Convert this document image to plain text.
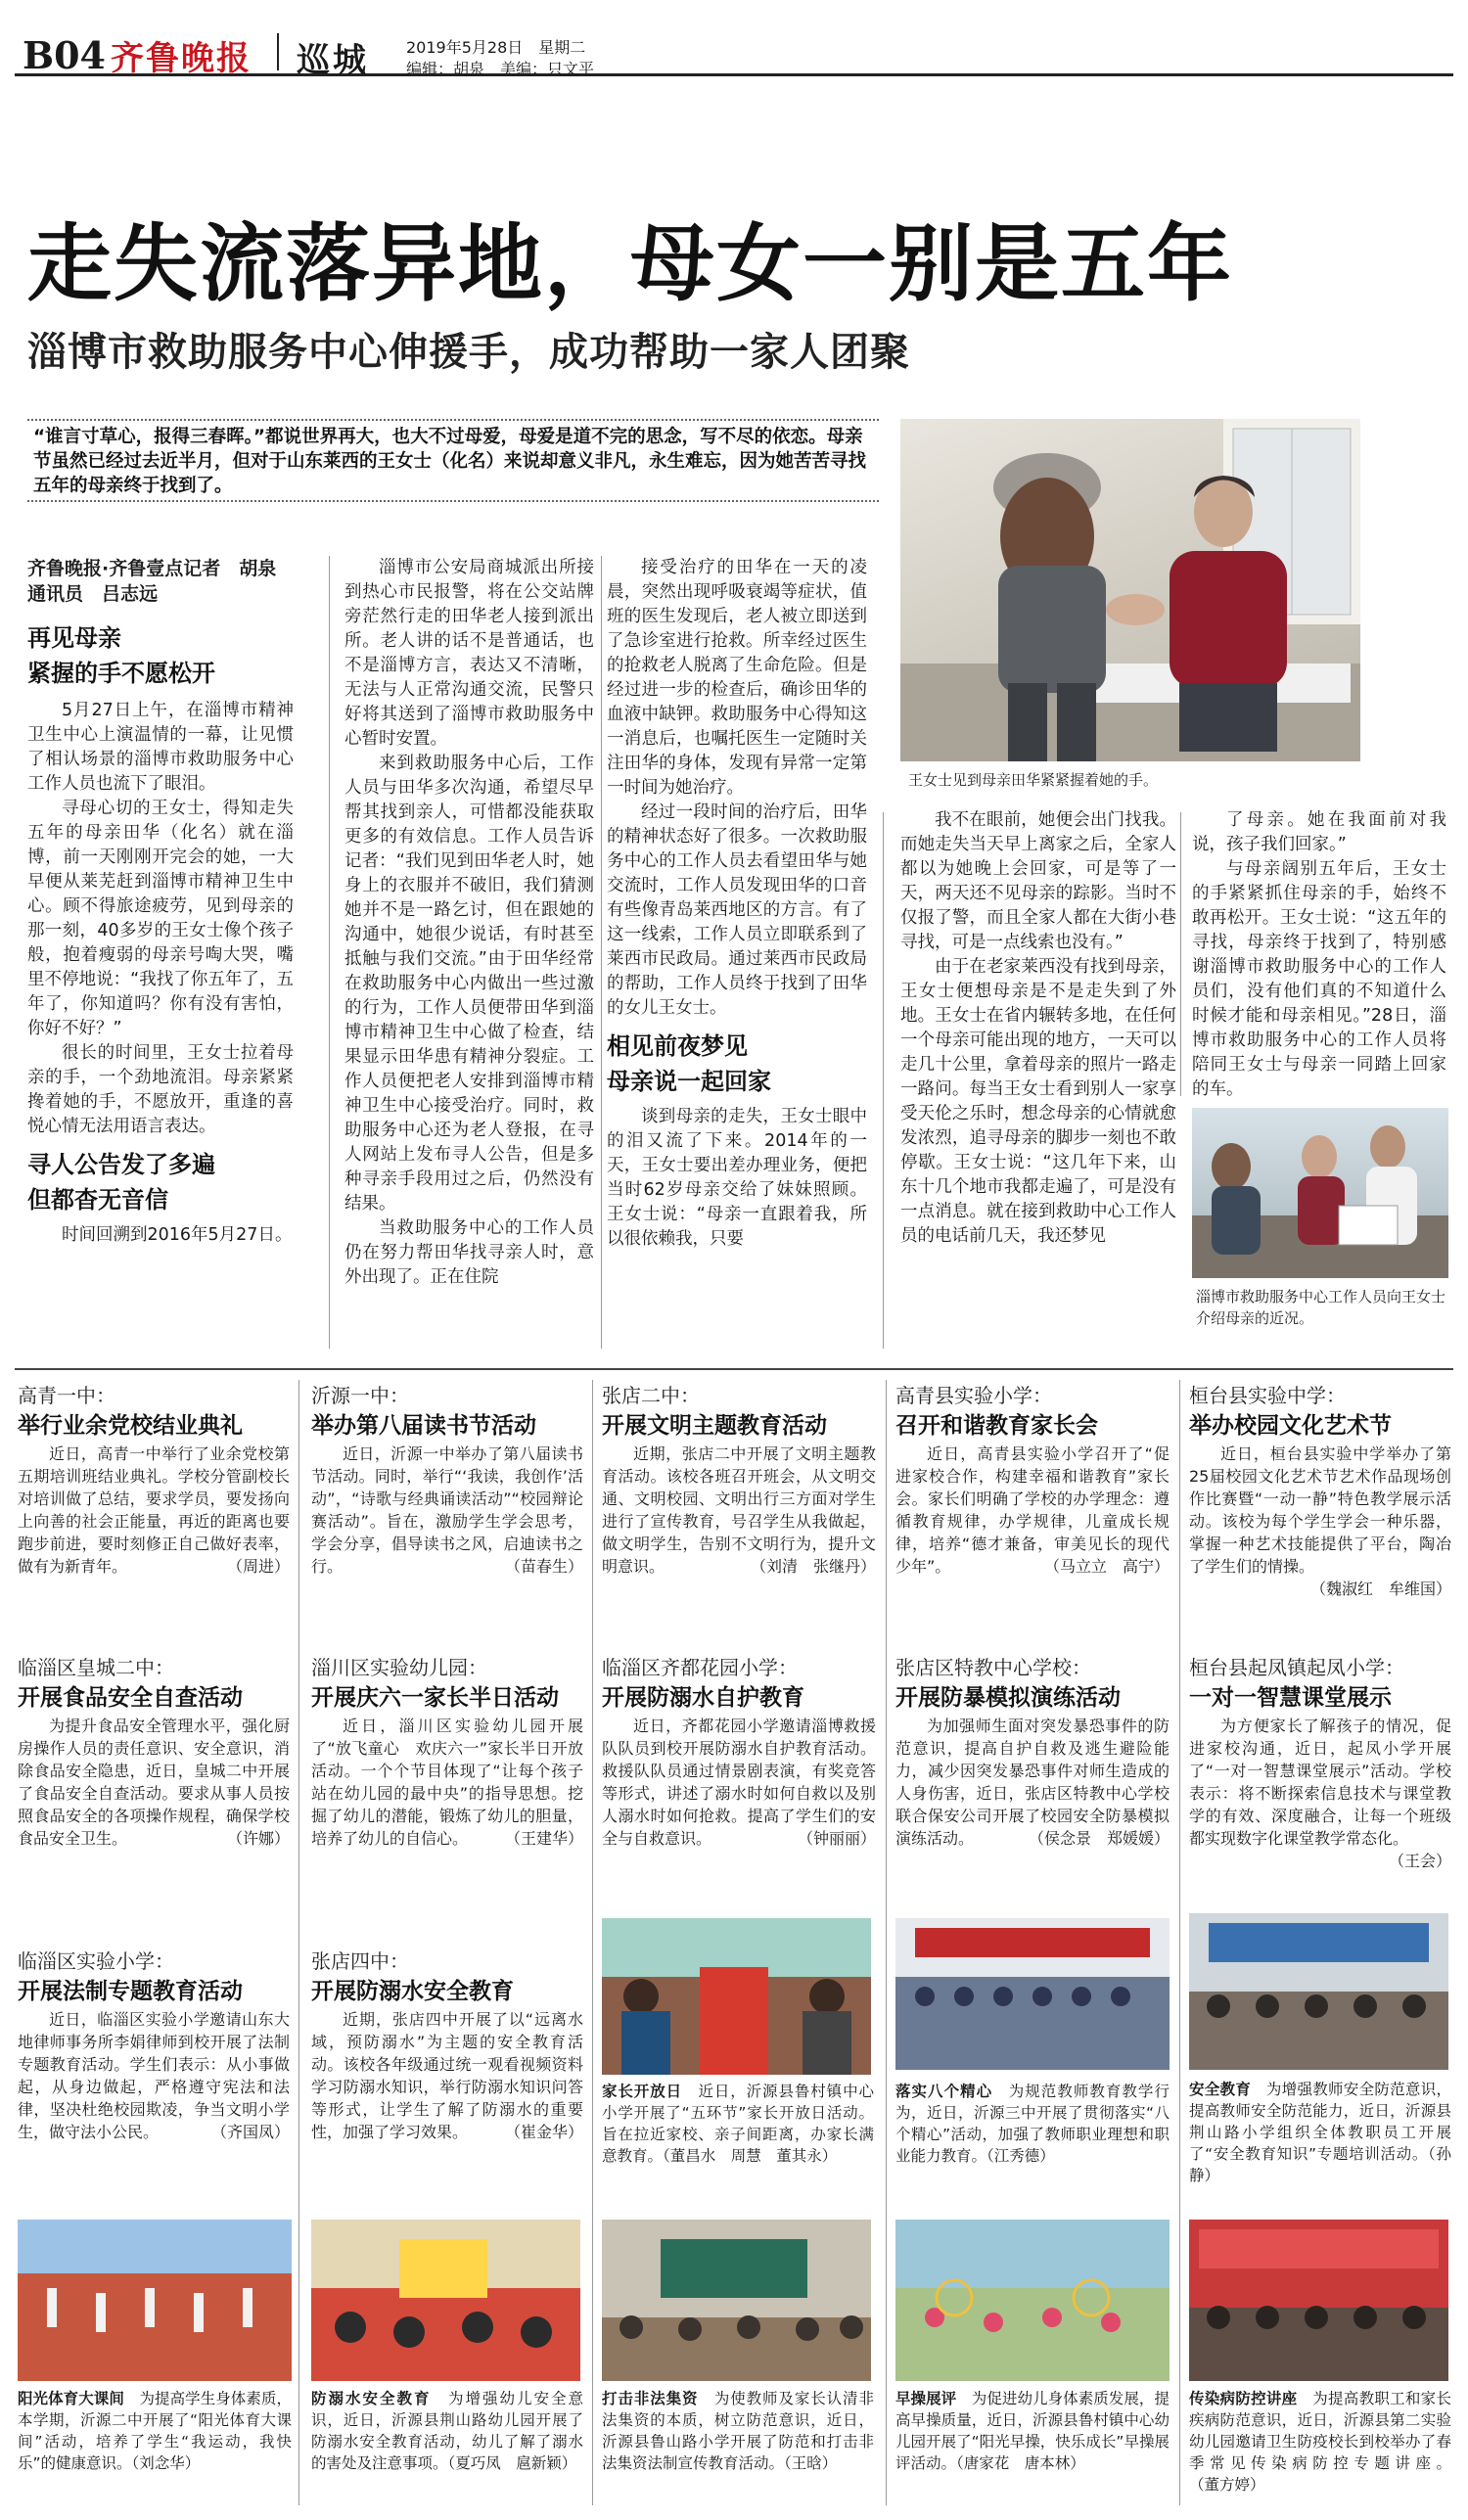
B04 齐鲁晚报 巡城 2019年5月28日　星期二
编辑：胡泉　美编：只文平
走失流落异地，母女一别是五年
淄博市救助服务中心伸援手，成功帮助一家人团聚
“谁言寸草心，报得三春晖。”都说世界再大，也大不过母爱，母爱是道不完的思念，写不尽的依恋。母亲节虽然已经过去近半月，但对于山东莱西的王女士（化名）来说却意义非凡，永生难忘，因为她苦苦寻找五年的母亲终于找到了。
齐鲁晚报·齐鲁壹点记者　胡泉
通讯员　吕志远
再见母亲
紧握的手不愿松开

5月27日上午，在淄博市精神卫生中心上演温情的一幕，让见惯了相认场景的淄博市救助服务中心工作人员也流下了眼泪。

寻母心切的王女士，得知走失五年的母亲田华（化名）就在淄博，前一天刚刚开完会的她，一大早便从莱芜赶到淄博市精神卫生中心。顾不得旅途疲劳，见到母亲的那一刻，40多岁的王女士像个孩子般，抱着瘦弱的母亲号啕大哭，嘴里不停地说：“我找了你五年了，五年了，你知道吗？你有没有害怕，你好不好？”

很长的时间里，王女士拉着母亲的手，一个劲地流泪。母亲紧紧搀着她的手，不愿放开，重逢的喜悦心情无法用语言表达。

寻人公告发了多遍
但都杳无音信

时间回溯到2016年5月27日。

淄博市公安局商城派出所接到热心市民报警，将在公交站牌旁茫然行走的田华老人接到派出所。老人讲的话不是普通话，也不是淄博方言，表达又不清晰，无法与人正常沟通交流，民警只好将其送到了淄博市救助服务中心暂时安置。

来到救助服务中心后，工作人员与田华多次沟通，希望尽早帮其找到亲人，可惜都没能获取更多的有效信息。工作人员告诉记者：“我们见到田华老人时，她身上的衣服并不破旧，我们猜测她并不是一路乞讨，但在跟她的沟通中，她很少说话，有时甚至抵触与我们交流。”由于田华经常在救助服务中心内做出一些过激的行为，工作人员便带田华到淄博市精神卫生中心做了检查，结果显示田华患有精神分裂症。工作人员便把老人安排到淄博市精神卫生中心接受治疗。同时，救助服务中心还为老人登报，在寻人网站上发布寻人公告，但是多种寻亲手段用过之后，仍然没有结果。

当救助服务中心的工作人员仍在努力帮田华找寻亲人时，意外出现了。正在住院

接受治疗的田华在一天的凌晨，突然出现呼吸衰竭等症状，值班的医生发现后，老人被立即送到了急诊室进行抢救。所幸经过医生的抢救老人脱离了生命危险。但是经过进一步的检查后，确诊田华的血液中缺钾。救助服务中心得知这一消息后，也嘱托医生一定随时关注田华的身体，发现有异常一定第一时间为她治疗。

经过一段时间的治疗后，田华的精神状态好了很多。一次救助服务中心的工作人员去看望田华与她交流时，工作人员发现田华的口音有些像青岛莱西地区的方言。有了这一线索，工作人员立即联系到了莱西市民政局。通过莱西市民政局的帮助，工作人员终于找到了田华的女儿王女士。

相见前夜梦见
母亲说一起回家

谈到母亲的走失，王女士眼中的泪又流了下来。2014年的一天，王女士要出差办理业务，便把当时62岁母亲交给了妹妹照顾。王女士说：“母亲一直跟着我，所以很依赖我，只要

我不在眼前，她便会出门找我。而她走失当天早上离家之后，全家人都以为她晚上会回家，可是等了一天，两天还不见母亲的踪影。当时不仅报了警，而且全家人都在大街小巷寻找，可是一点线索也没有。”

由于在老家莱西没有找到母亲，王女士便想母亲是不是走失到了外地。王女士在省内辗转多地，在任何一个母亲可能出现的地方，一天可以走几十公里，拿着母亲的照片一路走一路问。每当王女士看到别人一家享受天伦之乐时，想念母亲的心情就愈发浓烈，追寻母亲的脚步一刻也不敢停歇。王女士说：“这几年下来，山东十几个地市我都走遍了，可是没有一点消息。就在接到救助中心工作人员的电话前几天，我还梦见

了母亲。她在我面前对我说，孩子我们回家。”

与母亲阔别五年后，王女士的手紧紧抓住母亲的手，始终不敢再松开。王女士说：“这五年的寻找，母亲终于找到了，特别感谢淄博市救助服务中心的工作人员们，没有他们真的不知道什么时候才能和母亲相见。”28日，淄博市救助服务中心的工作人员将陪同王女士与母亲一同踏上回家的车。

王女士见到母亲田华紧紧握着她的手。
淄博市救助服务中心工作人员向王女士介绍母亲的近况。
高青一中：
举行业余党校结业典礼

近日，高青一中举行了业余党校第五期培训班结业典礼。学校分管副校长对培训做了总结，要求学员，要发扬向上向善的社会正能量，再近的距离也要跑步前进，要时刻修正自己做好表率，做有为新青年。	（周进）

沂源一中：
举办第八届读书节活动

近日，沂源一中举办了第八届读书节活动。同时，举行“‘我读，我创作’活动”，“诗歌与经典诵读活动”“校园辩论赛活动”。旨在，激励学生学会思考，学会分享，倡导读书之风，启迪读书之行。	（苗春生）

张店二中：
开展文明主题教育活动

近期，张店二中开展了文明主题教育活动。该校各班召开班会，从文明交通、文明校园、文明出行三方面对学生进行了宣传教育，号召学生从我做起，做文明学生，告别不文明行为，提升文明意识。	（刘清　张继丹）

高青县实验小学：
召开和谐教育家长会

近日，高青县实验小学召开了“促进家校合作，构建幸福和谐教育”家长会。家长们明确了学校的办学理念：遵循教育规律，办学规律，儿童成长规律，培养“德才兼备，审美见长的现代少年”。	（马立立　高宁）

桓台县实验中学：
举办校园文化艺术节

近日，桓台县实验中学举办了第25届校园文化艺术节艺术作品现场创作比赛暨“一动一静”特色教学展示活动。该校为每个学生学会一种乐器，掌握一种艺术技能提供了平台，陶冶了学生们的情操。
（魏淑红　牟维国）

临淄区皇城二中：
开展食品安全自查活动

为提升食品安全管理水平，强化厨房操作人员的责任意识、安全意识，消除食品安全隐患，近日，皇城二中开展了食品安全自查活动。要求从事人员按照食品安全的各项操作规程，确保学校食品安全卫生。	（许娜）

淄川区实验幼儿园：
开展庆六一家长半日活动

近日，淄川区实验幼儿园开展了“放飞童心　欢庆六一”家长半日开放活动。一个个节目体现了“让每个孩子站在幼儿园的最中央”的指导思想。挖掘了幼儿的潜能，锻炼了幼儿的胆量，培养了幼儿的自信心。	（王建华）

临淄区齐都花园小学：
开展防溺水自护教育

近日，齐都花园小学邀请淄博救援队队员到校开展防溺水自护教育活动。救援队队员通过情景剧表演，有奖竞答等形式，讲述了溺水时如何自救以及别人溺水时如何抢救。提高了学生们的安全与自救意识。	（钟丽丽）

张店区特教中心学校：
开展防暴模拟演练活动

为加强师生面对突发暴恐事件的防范意识，提高自护自救及逃生避险能力，减少因突发暴恐事件对师生造成的人身伤害，近日，张店区特教中心学校联合保安公司开展了校园安全防暴模拟演练活动。	（侯念景　郑媛媛）

桓台县起凤镇起凤小学：
一对一智慧课堂展示

为方便家长了解孩子的情况，促进家校沟通，近日，起凤小学开展了“一对一智慧课堂展示”活动。学校表示：将不断探索信息技术与课堂教学的有效、深度融合，让每一个班级都实现数字化课堂教学常态化。
（王会）

临淄区实验小学：
开展法制专题教育活动

近日，临淄区实验小学邀请山东大地律师事务所李娟律师到校开展了法制专题教育活动。学生们表示：从小事做起，从身边做起，严格遵守宪法和法律，坚决杜绝校园欺凌，争当文明小学生，做守法小公民。	（齐国凤）

张店四中：
开展防溺水安全教育

近期，张店四中开展了以“远离水域，预防溺水”为主题的安全教育活动。该校各年级通过统一观看视频资料学习防溺水知识，举行防溺水知识问答等形式，让学生了解了防溺水的重要性，加强了学习效果。	（崔金华）

家长开放日　 近日，沂源县鲁村镇中心小学开展了“五环节”家长开放日活动。旨在拉近家校、亲子间距离，办家长满意教育。（董昌水　周慧　董其永）
落实八个精心　 为规范教师教育教学行为，近日，沂源三中开展了贯彻落实“八个精心”活动，加强了教师职业理想和职业能力教育。（江秀德）
安全教育　 为增强教师安全防范意识，提高教师安全防范能力，近日，沂源县荆山路小学组织全体教职员工开展了“安全教育知识”专题培训活动。（孙静）
阳光体育大课间　 为提高学生身体素质，本学期，沂源二中开展了“阳光体育大课间”活动，培养了学生“我运动，我快乐”的健康意识。（刘念华）
防溺水安全教育　 为增强幼儿安全意识，近日，沂源县荆山路幼儿园开展了防溺水安全教育活动，幼儿了解了溺水的害处及注意事项。（夏巧凤　扈新颖）
打击非法集资　 为使教师及家长认清非法集资的本质，树立防范意识，近日，沂源县鲁山路小学开展了防范和打击非法集资法制宣传教育活动。（王晗）
早操展评　 为促进幼儿身体素质发展，提高早操质量，近日，沂源县鲁村镇中心幼儿园开展了“阳光早操，快乐成长”早操展评活动。（唐家花　唐本林）
传染病防控讲座　 为提高教职工和家长疾病防范意识，近日，沂源县第二实验幼儿园邀请卫生防疫校长到校举办了春季常见传染病防控专题讲座。（董方婷）
